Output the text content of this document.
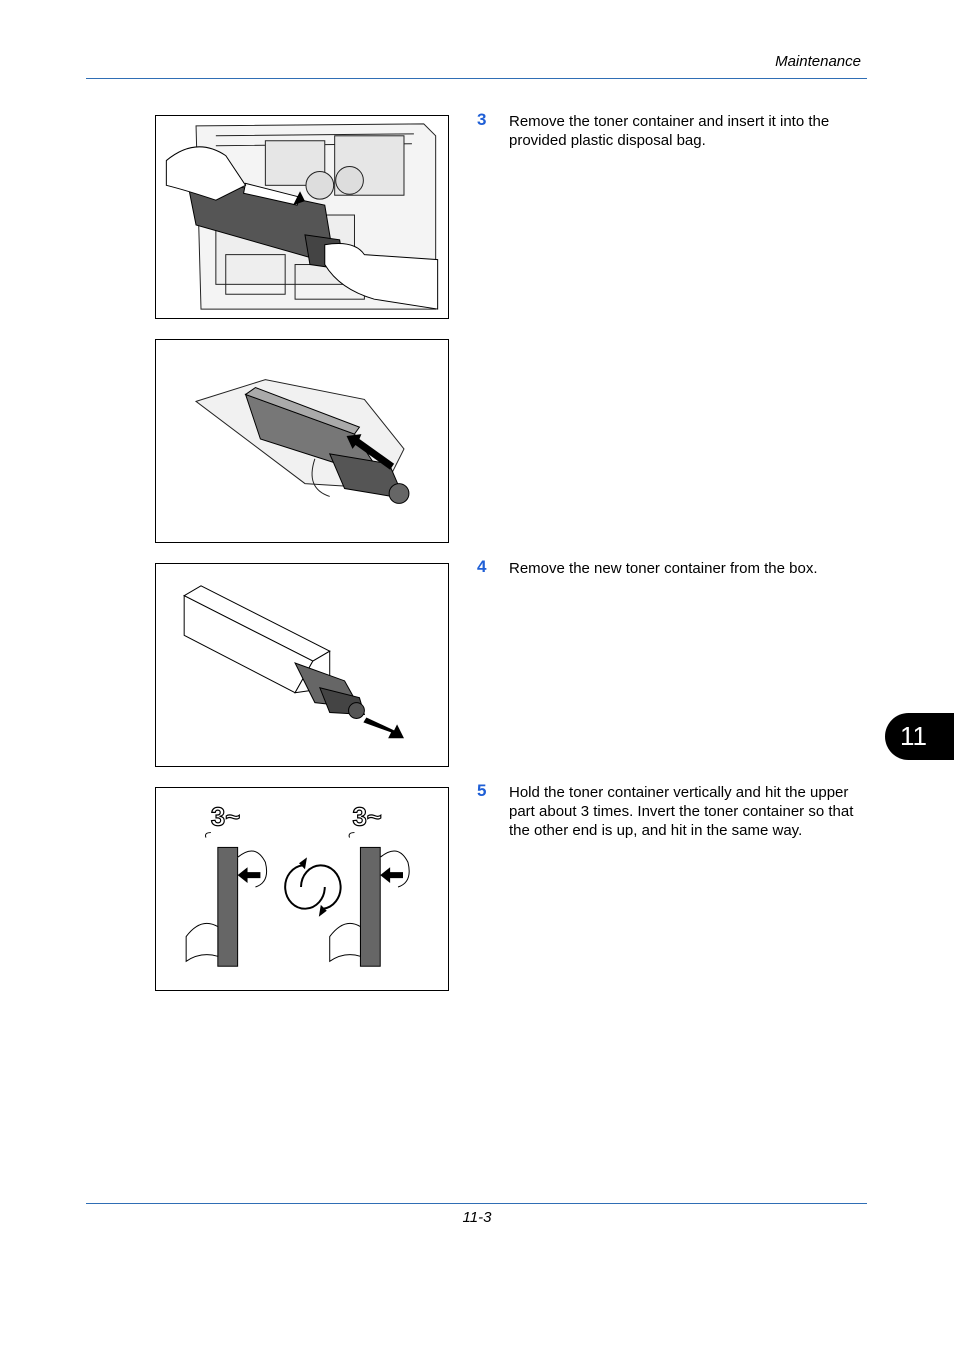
Maintenance
3~	3~
3 Remove the toner container and insert it into the provided plastic disposal bag.
4 Remove the new toner container from the box.
5 Hold the toner container vertically and hit the upper part about 3 times. Invert the toner container so that the other end is up, and hit in the same way.
11
11-3
